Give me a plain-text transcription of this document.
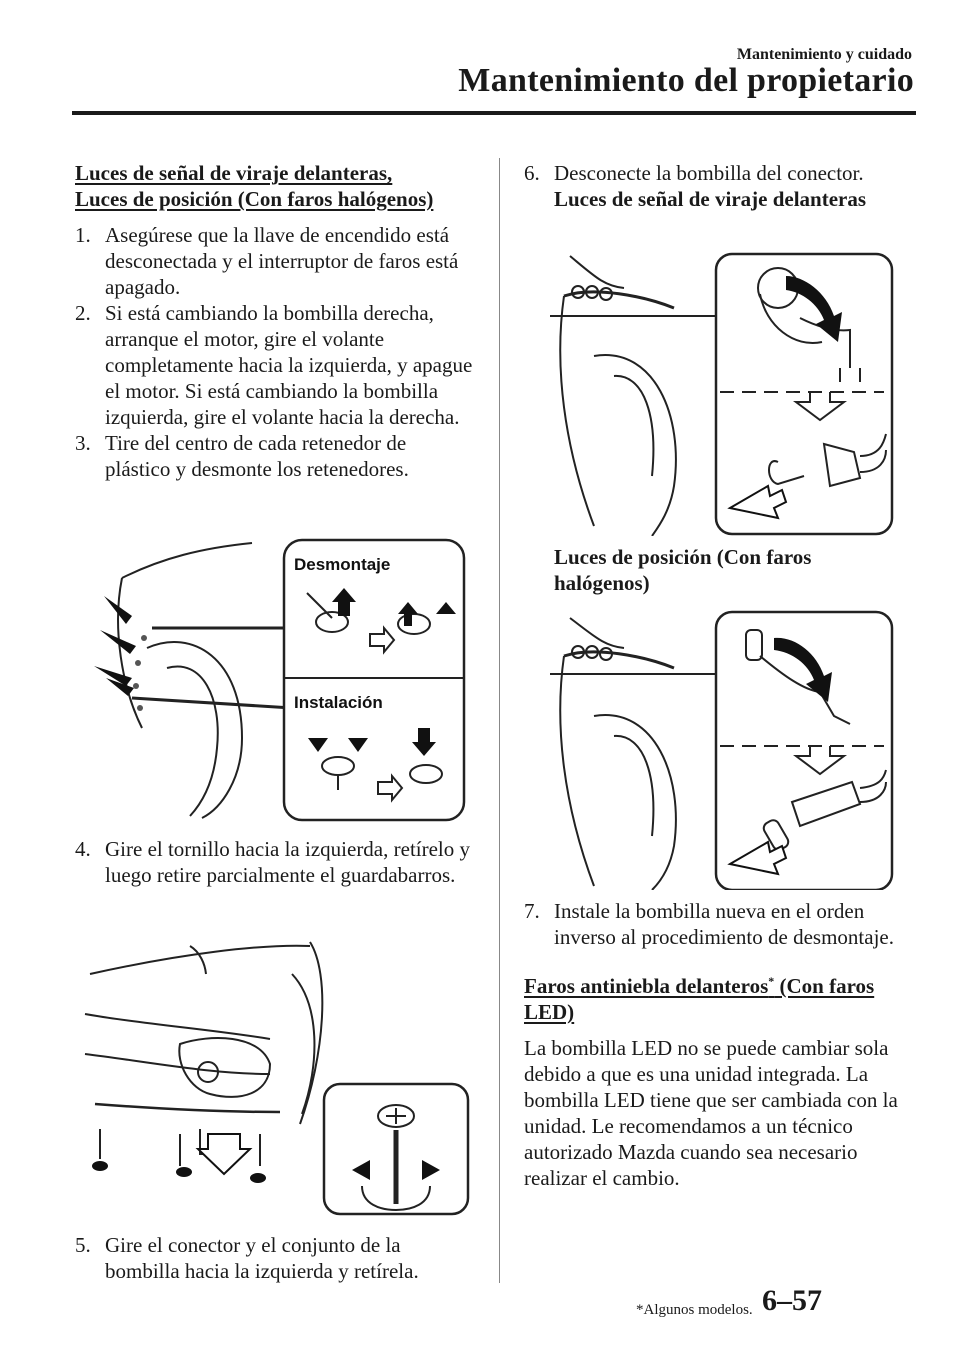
Mantenimiento y cuidado
Mantenimiento del propietario
Luces de señal de viraje delanteras,
Luces de posición (Con faros halógenos)
1. Asegúrese que la llave de encendido está desconectada y el interruptor de faros está apagado.
2. Si está cambiando la bombilla derecha, arranque el motor, gire el volante completamente hacia la izquierda, y apague el motor. Si está cambiando la bombilla izquierda, gire el volante hacia la derecha.
3. Tire del centro de cada retenedor de plástico y desmonte los retenedores.
Desmontaje
Instalación
4. Gire el tornillo hacia la izquierda, retírelo y luego retire parcialmente el guardabarros.
5. Gire el conector y el conjunto de la bombilla hacia la izquierda y retírela.
6. Desconecte la bombilla del conector.
Luces de señal de viraje delanteras
Luces de posición (Con faros
halógenos)
7. Instale la bombilla nueva en el orden inverso al procedimiento de desmontaje.
Faros antiniebla delanteros* (Con faros
LED)
La bombilla LED no se puede cambiar sola debido a que es una unidad integrada. La bombilla LED tiene que ser cambiada con la unidad. Le recomendamos a un técnico autorizado Mazda cuando sea necesario realizar el cambio.
*Algunos modelos. 6–57
